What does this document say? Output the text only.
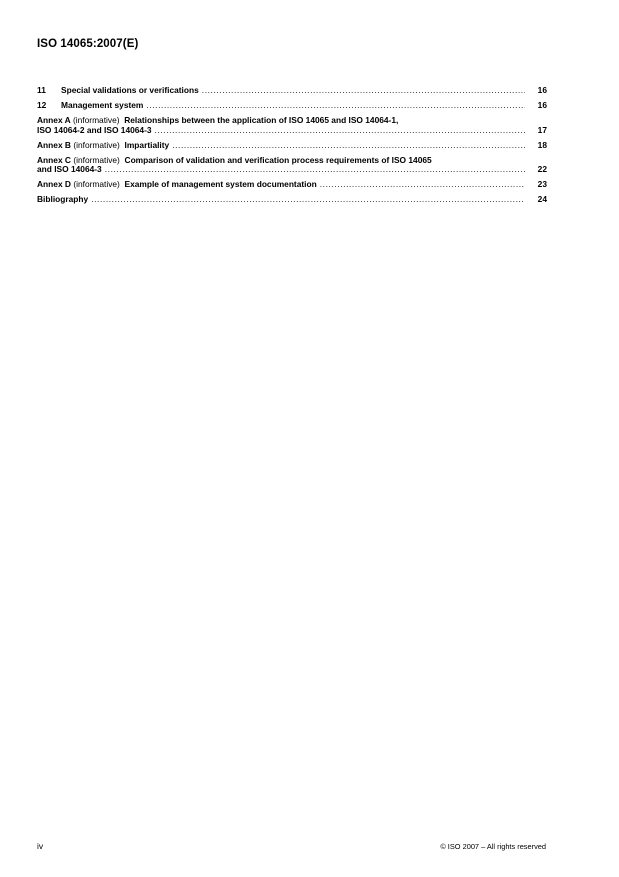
ISO 14065:2007(E)
11 Special validations or verifications .....	16
12 Management system .....	16
Annex A (informative) Relationships between the application of ISO 14065 and ISO 14064-1,
ISO 14064-2 and ISO 14064-3 .....	17
Annex B (informative) Impartiality .....	18
Annex C (informative) Comparison of validation and verification process requirements of ISO 14065
and ISO 14064-3 .....	22
Annex D (informative) Example of management system documentation .....	23
Bibliography .....	24
iv	© ISO 2007 – All rights reserved
